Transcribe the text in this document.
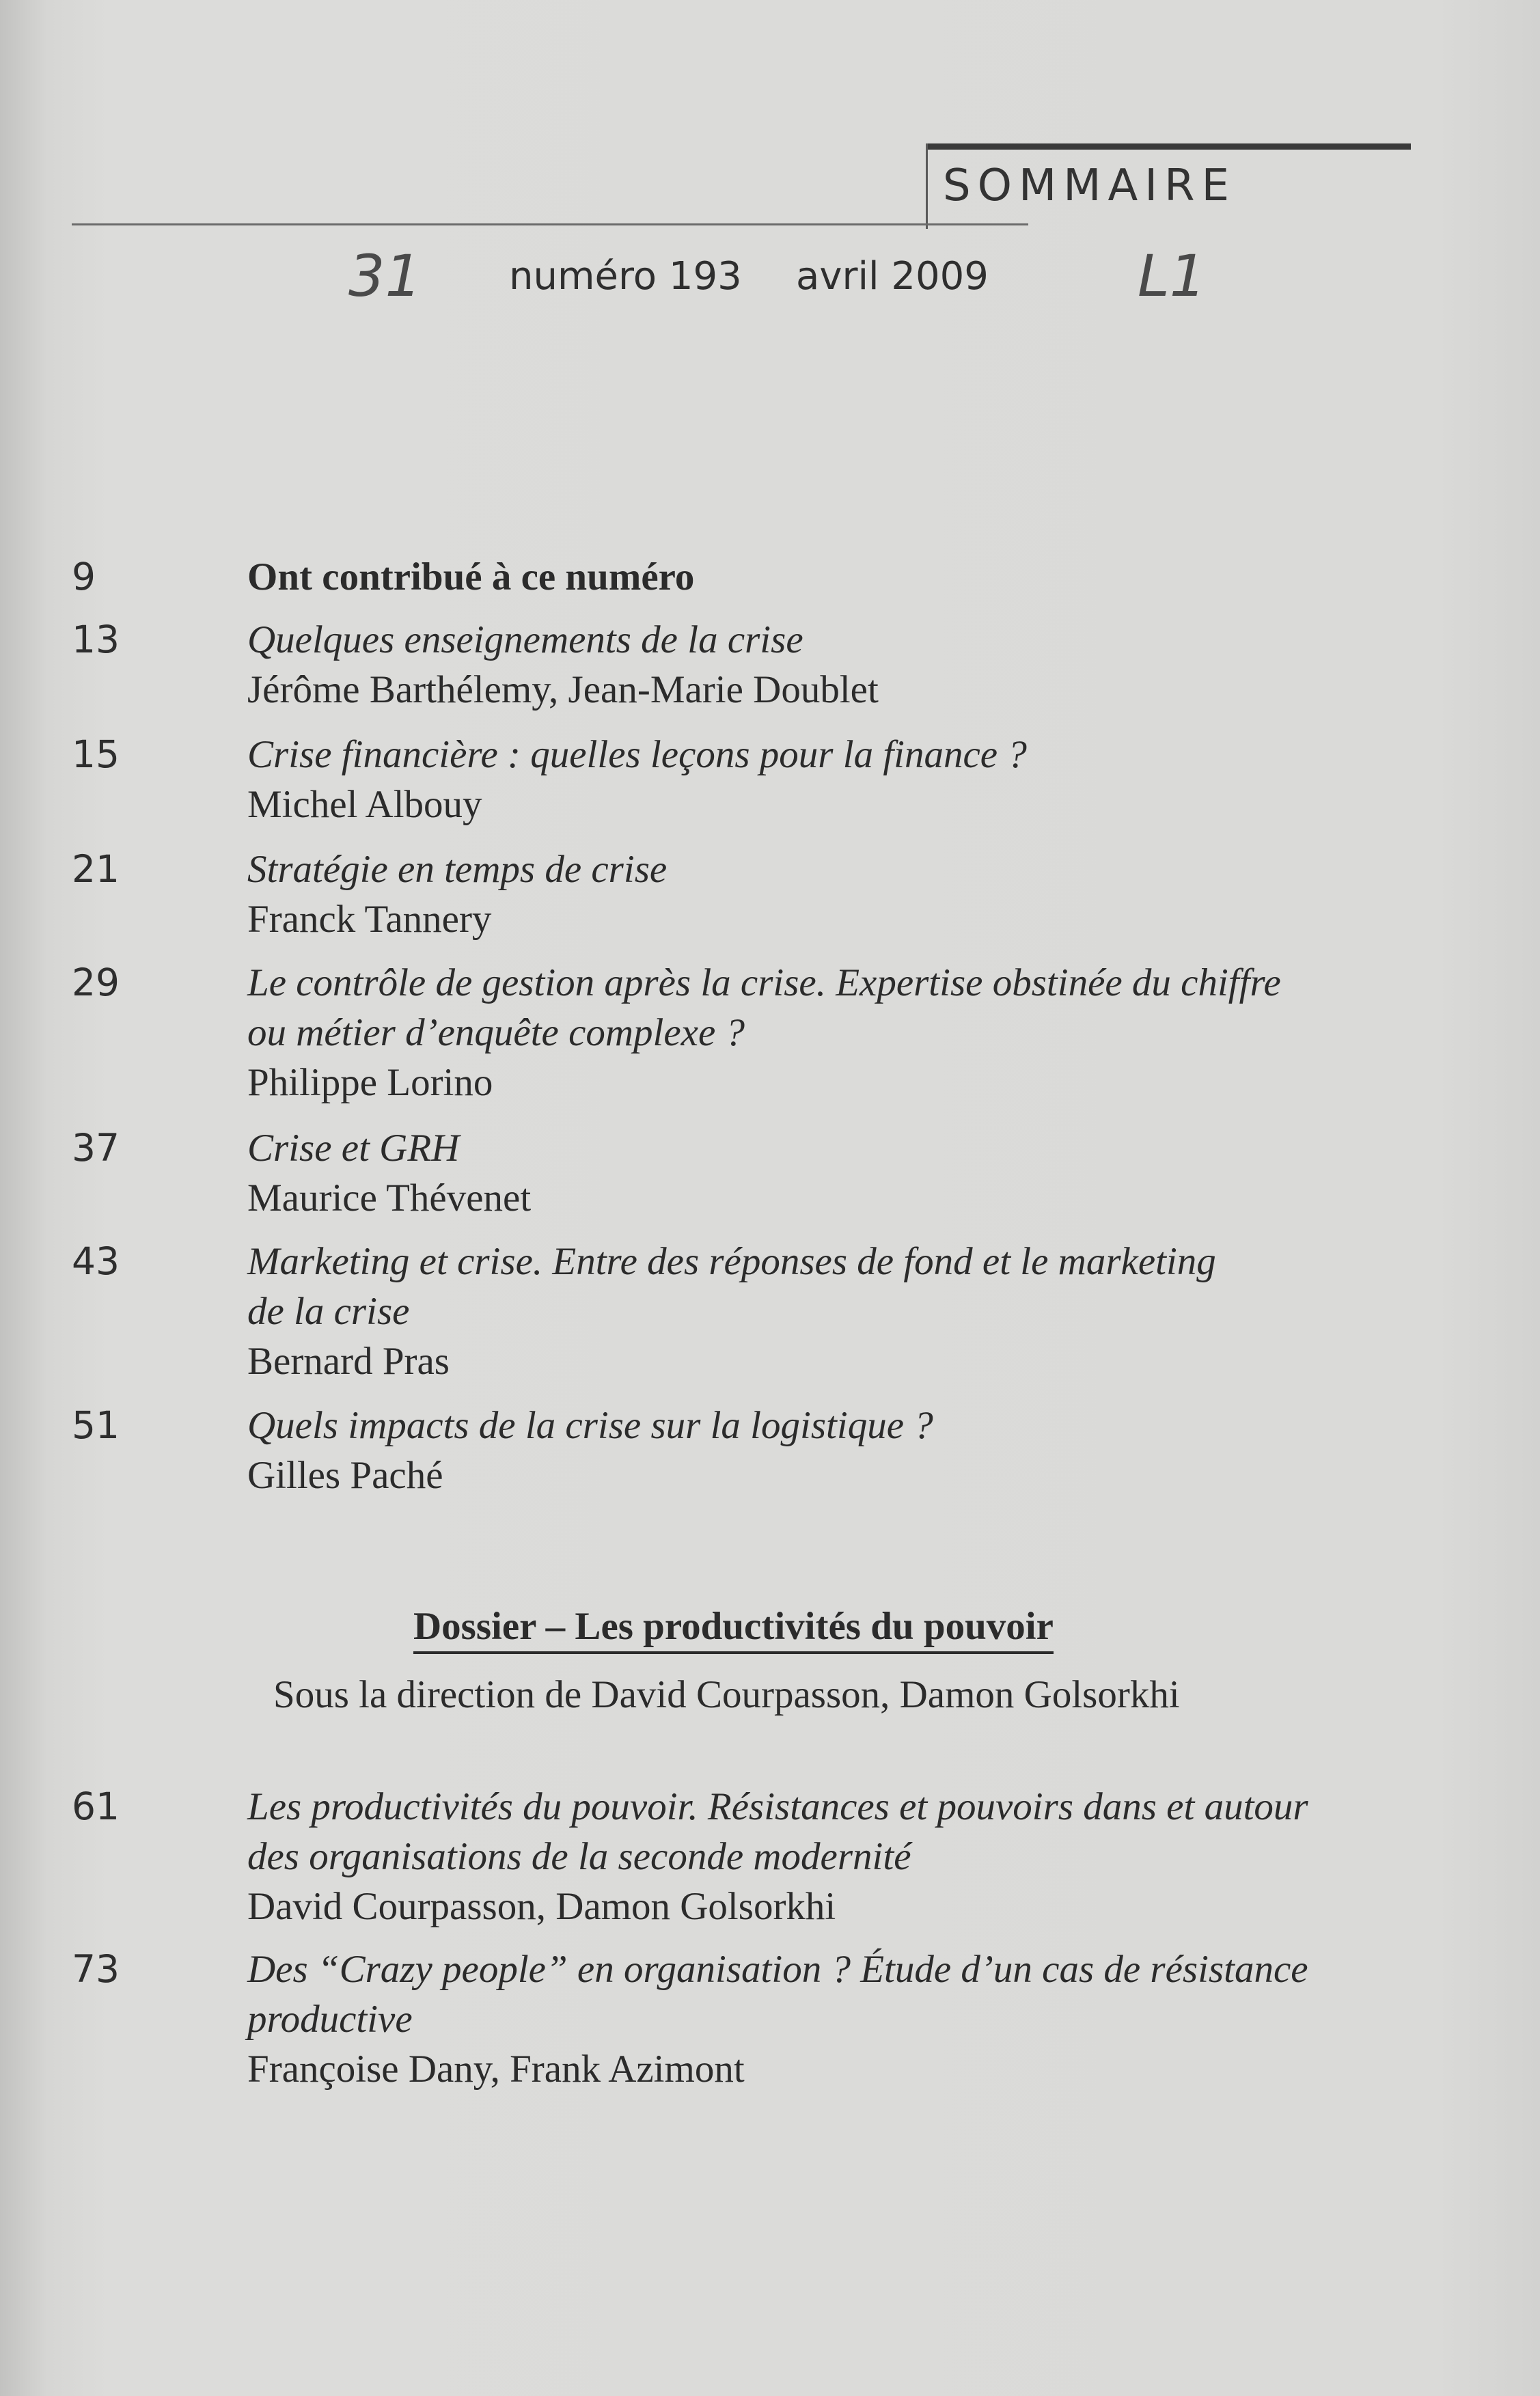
SOMMAIRE
31 numéro 193 avril 2009	L1
9	Ont contribué à ce numéro
13	Quelques enseignements de la crise
Jérôme Barthélemy, Jean-Marie Doublet
15	Crise financière : quelles leçons pour la finance ?
Michel Albouy
21	Stratégie en temps de crise
Franck Tannery
29	Le contrôle de gestion après la crise. Expertise obstinée du chiffre
ou métier d’enquête complexe ?
Philippe Lorino
37	Crise et GRH
Maurice Thévenet
43	Marketing et crise. Entre des réponses de fond et le marketing
de la crise
Bernard Pras
51	Quels impacts de la crise sur la logistique ?
Gilles Paché
Dossier – Les productivités du pouvoir
Sous la direction de David Courpasson, Damon Golsorkhi
61	Les productivités du pouvoir. Résistances et pouvoirs dans et autour
des organisations de la seconde modernité
David Courpasson, Damon Golsorkhi
73	Des “Crazy people” en organisation ? Étude d’un cas de résistance
productive
Françoise Dany, Frank Azimont
